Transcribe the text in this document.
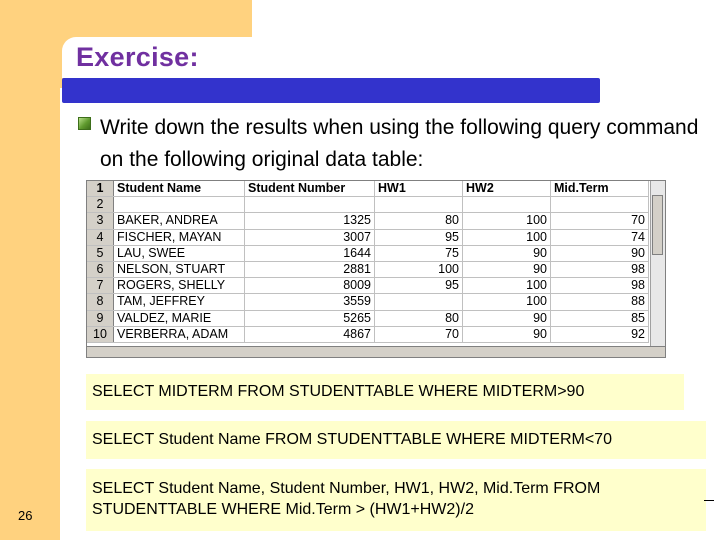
Exercise:
Write down the results when using the following query command on the following original data table:
1	Student Name	Student Number	HW1	HW2	Mid.Term
2					
3	BAKER, ANDREA	1325	80	100	70
4	FISCHER, MAYAN	3007	95	100	74
5	LAU, SWEE	1644	75	90	90
6	NELSON, STUART	2881	100	90	98
7	ROGERS, SHELLY	8009	95	100	98
8	TAM, JEFFREY	3559		100	88
9	VALDEZ, MARIE	5265	80	90	85
10	VERBERRA, ADAM	4867	70	90	92
SELECT MIDTERM FROM STUDENTTABLE WHERE MIDTERM>90
SELECT Student Name FROM STUDENTTABLE WHERE MIDTERM<70
SELECT Student Name, Student Number, HW1, HW2, Mid.Term FROM
STUDENTTABLE WHERE Mid.Term > (HW1+HW2)/2
26
